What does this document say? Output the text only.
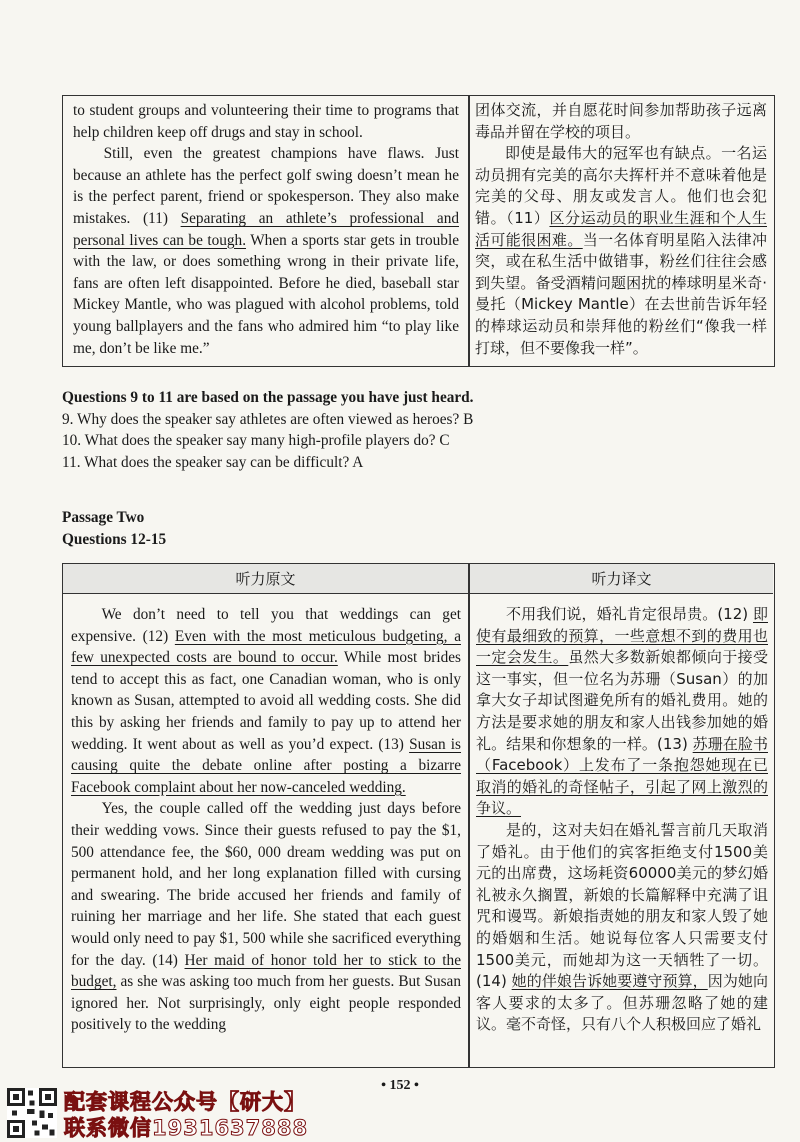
to student groups and volunteering their time to programs that help children keep off drugs and stay in school.

Still, even the greatest champions have flaws. Just because an athlete has the perfect golf swing doesn’t mean he is the perfect parent, friend or spokesperson. They also make mistakes. (11) Separating an athlete’s professional and personal lives can be tough. When a sports star gets in trouble with the law, or does something wrong in their private life, fans are often left disappointed. Before he died, baseball star Mickey Mantle, who was plagued with alcohol problems, told young ballplayers and the fans who admired him “to play like me, don’t be like me.”

团体交流，并自愿花时间参加帮助孩子远离毒品并留在学校的项目。

即使是最伟大的冠军也有缺点。一名运动员拥有完美的高尔夫挥杆并不意味着他是完美的父母、朋友或发言人。他们也会犯错。（11）区分运动员的职业生涯和个人生活可能很困难。当一名体育明星陷入法律冲突，或在私生活中做错事，粉丝们往往会感到失望。备受酒精问题困扰的棒球明星米奇·曼托（Mickey Mantle）在去世前告诉年轻的棒球运动员和崇拜他的粉丝们“像我一样打球，但不要像我一样”。

Questions 9 to 11 are based on the passage you have just heard.
9. Why does the speaker say athletes are often viewed as heroes? B
10. What does the speaker say many high-profile players do? C
11. What does the speaker say can be difficult? A
Passage Two
Questions 12-15
听力原文	听力译文

We don’t need to tell you that weddings can get expensive. (12) Even with the most meticulous budgeting, a few unexpected costs are bound to occur. While most brides tend to accept this as fact, one Canadian woman, who is only known as Susan, attempted to avoid all wedding costs. She did this by asking her friends and family to pay up to attend her wedding. It went about as well as you’d expect. (13) Susan is causing quite the debate online after posting a bizarre Facebook complaint about her now-canceled wedding.

Yes, the couple called off the wedding just days before their wedding vows. Since their guests refused to pay the $1, 500 attendance fee, the $60, 000 dream wedding was put on permanent hold, and her long explanation filled with cursing and swearing. The bride accused her friends and family of ruining her marriage and her life. She stated that each guest would only need to pay $1, 500 while she sacrificed everything for the day. (14) Her maid of honor told her to stick to the budget, as she was asking too much from her guests. But Susan ignored her. Not surprisingly, only eight people responded positively to the wedding

不用我们说，婚礼肯定很昂贵。(12) 即使有最细致的预算，一些意想不到的费用也一定会发生。虽然大多数新娘都倾向于接受这一事实，但一位名为苏珊（Susan）的加拿大女子却试图避免所有的婚礼费用。她的方法是要求她的朋友和家人出钱参加她的婚礼。结果和你想象的一样。(13) 苏珊在脸书（Facebook）上发布了一条抱怨她现在已取消的婚礼的奇怪帖子，引起了网上激烈的争议。

是的，这对夫妇在婚礼誓言前几天取消了婚礼。由于他们的宾客拒绝支付1500美元的出席费，这场耗资60000美元的梦幻婚礼被永久搁置，新娘的长篇解释中充满了诅咒和谩骂。新娘指责她的朋友和家人毁了她的婚姻和生活。她说每位客人只需要支付1500美元，而她却为这一天牺牲了一切。(14) 她的伴娘告诉她要遵守预算，因为她向客人要求的太多了。但苏珊忽略了她的建议。毫不奇怪，只有八个人积极回应了婚礼

• 152 •
配套课程公众号【研大】
联系微信1931637888
